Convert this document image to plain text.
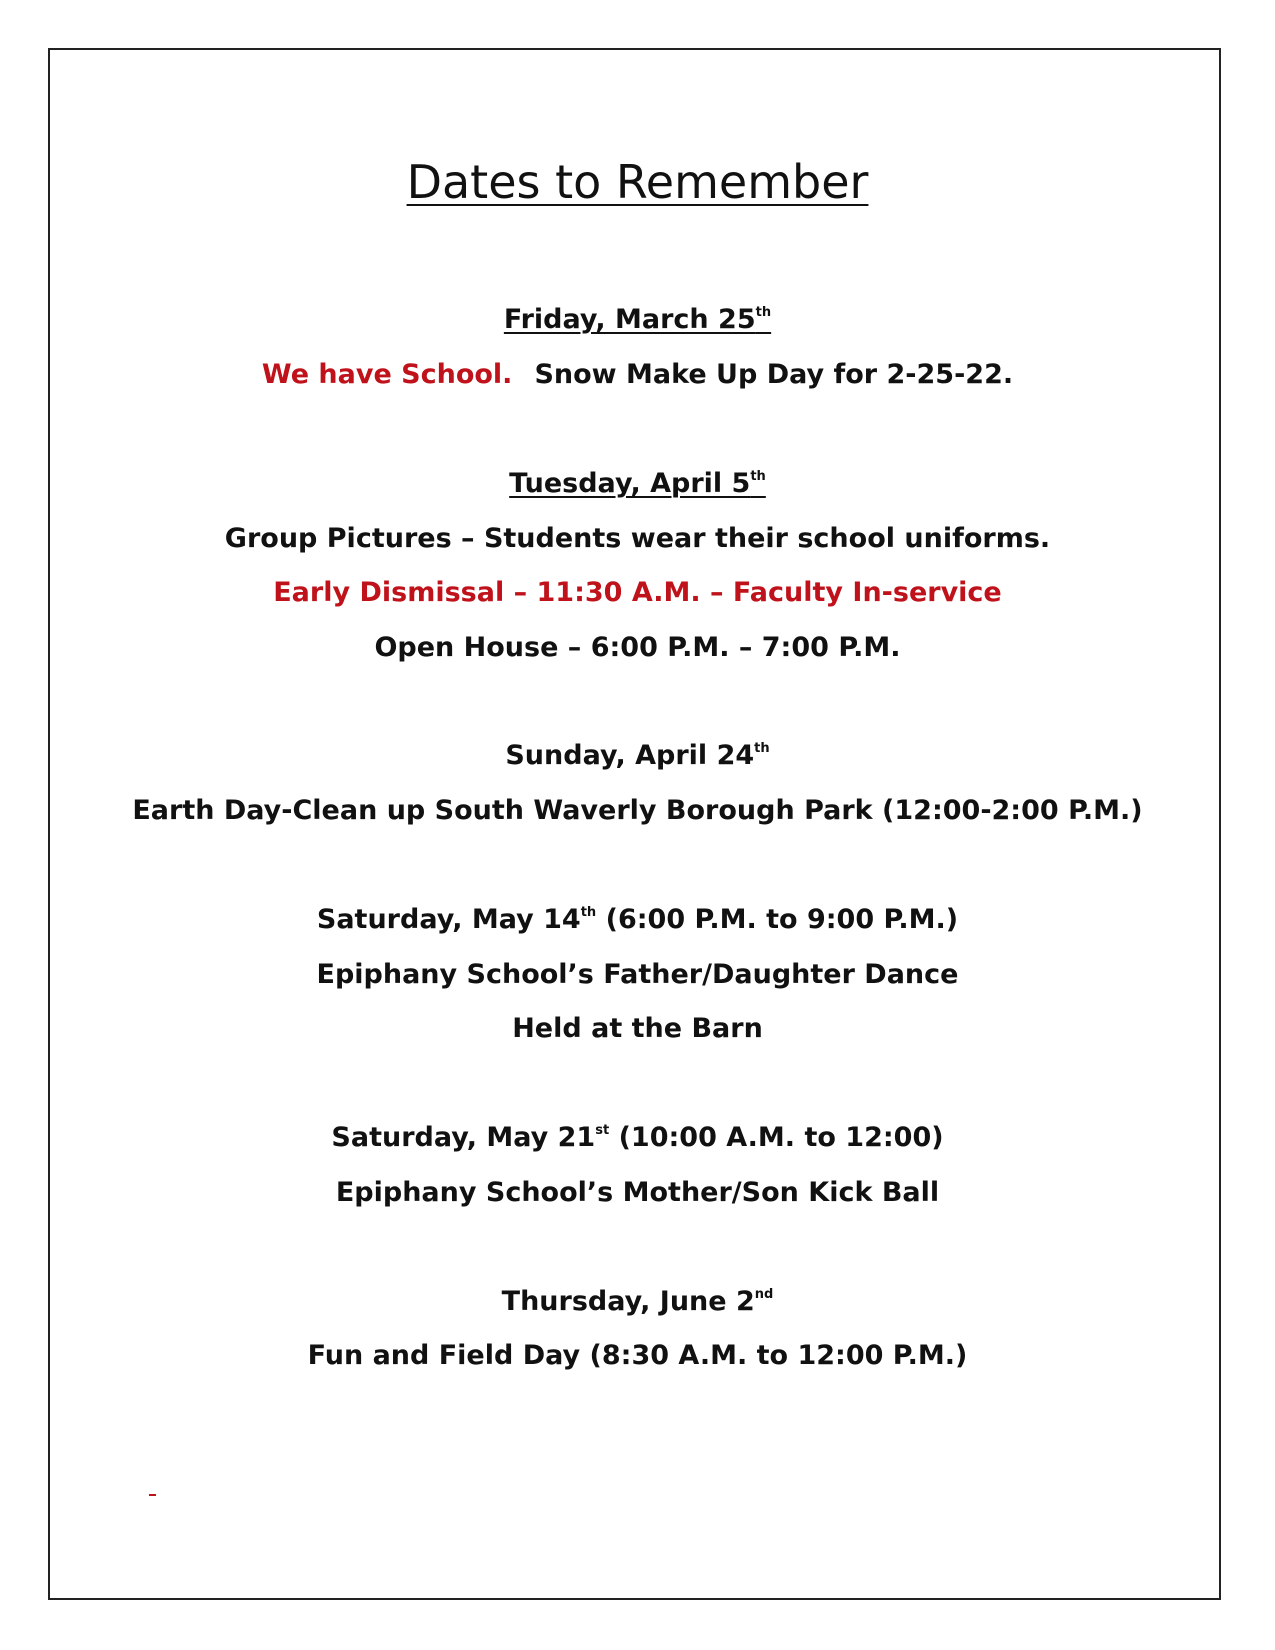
Dates to Remember
Friday, March 25th
We have School. Snow Make Up Day for 2-25-22.
Tuesday, April 5th
Group Pictures – Students wear their school uniforms.
Early Dismissal – 11:30 A.M. – Faculty In-service
Open House – 6:00 P.M. – 7:00 P.M.
Sunday, April 24th
Earth Day-Clean up South Waverly Borough Park (12:00-2:00 P.M.)
Saturday, May 14th (6:00 P.M. to 9:00 P.M.)
Epiphany School’s Father/Daughter Dance
Held at the Barn
Saturday, May 21st (10:00 A.M. to 12:00)
Epiphany School’s Mother/Son Kick Ball
Thursday, June 2nd
Fun and Field Day (8:30 A.M. to 12:00 P.M.)
